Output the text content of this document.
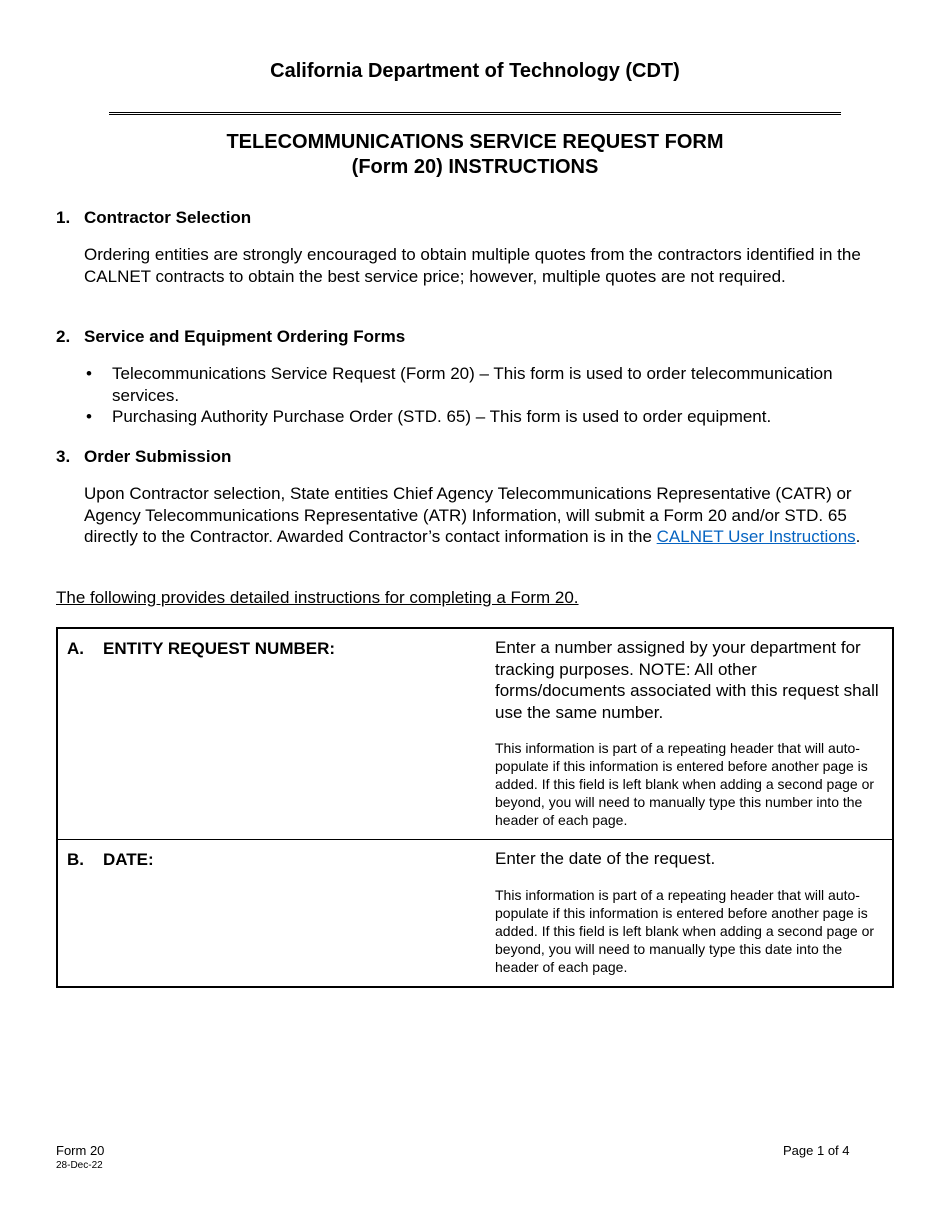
California Department of Technology (CDT)
TELECOMMUNICATIONS SERVICE REQUEST FORM
(Form 20) INSTRUCTIONS
1. Contractor Selection
Ordering entities are strongly encouraged to obtain multiple quotes from the contractors identified in the CALNET contracts to obtain the best service price; however, multiple quotes are not required.
2. Service and Equipment Ordering Forms
• Telecommunications Service Request (Form 20) – This form is used to order telecommunication services.
• Purchasing Authority Purchase Order (STD. 65) – This form is used to order equipment.
3. Order Submission
Upon Contractor selection, State entities Chief Agency Telecommunications Representative (CATR) or Agency Telecommunications Representative (ATR) Information, will submit a Form 20 and/or STD. 65 directly to the Contractor. Awarded Contractor’s contact information is in the CALNET User Instructions.
The following provides detailed instructions for completing a Form 20.
A. ENTITY REQUEST NUMBER:	Enter a number assigned by your department for tracking purposes. NOTE: All other forms/documents associated with this request shall use the same number.
This information is part of a repeating header that will auto-populate if this information is entered before another page is added. If this field is left blank when adding a second page or beyond, you will need to manually type this number into the header of each page.

B. DATE:	Enter the date of the request.
This information is part of a repeating header that will auto-populate if this information is entered before another page is added. If this field is left blank when adding a second page or beyond, you will need to manually type this date into the header of each page.
Form 20
28-Dec-22
Page 1 of 4
